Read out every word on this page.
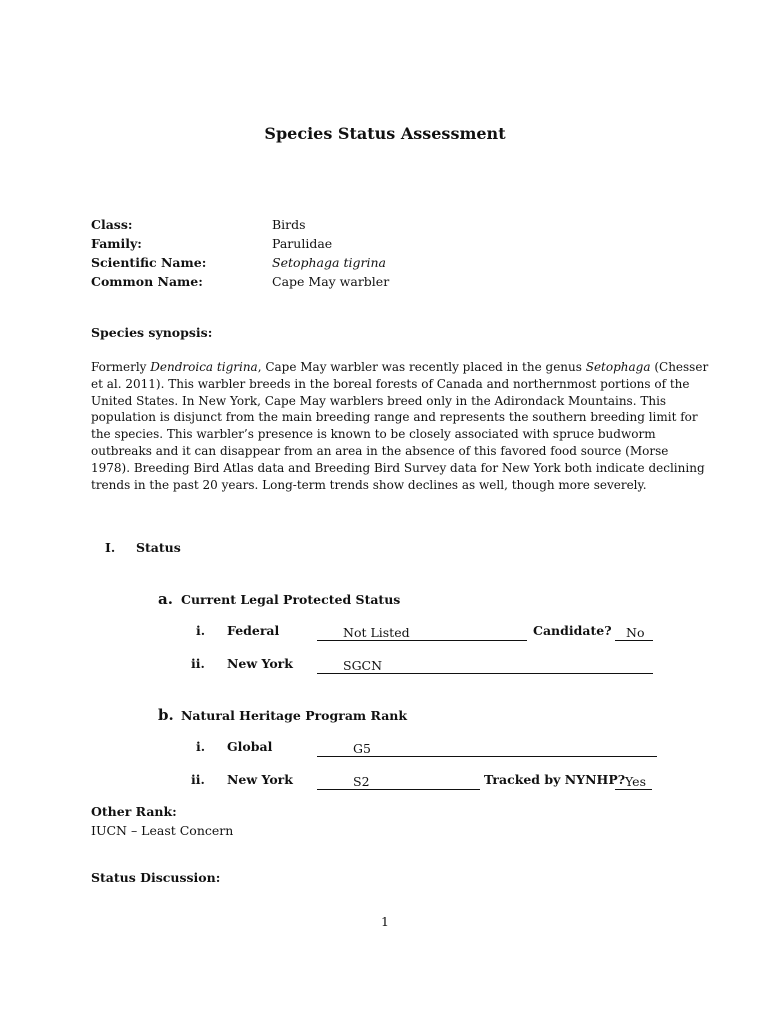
Species Status Assessment
Class:	Birds
Family:	Parulidae
Scientific Name:	Setophaga tigrina
Common Name:	Cape May warbler
Species synopsis:
Formerly Dendroica tigrina, Cape May warbler was recently placed in the genus Setophaga (Chesser
et al. 2011). This warbler breeds in the boreal forests of Canada and northernmost portions of the
United States. In New York, Cape May warblers breed only in the Adirondack Mountains. This
population is disjunct from the main breeding range and represents the southern breeding limit for
the species. This warbler’s presence is known to be closely associated with spruce budworm
outbreaks and it can disappear from an area in the absence of this favored food source (Morse
1978). Breeding Bird Atlas data and Breeding Bird Survey data for New York both indicate declining
trends in the past 20 years. Long-term trends show declines as well, though more severely.
I. Status
a. Current Legal Protected Status
i. Federal	Not Listed	Candidate?	No
ii. New York	SGCN
b. Natural Heritage Program Rank
i. Global	G5
ii. New York	S2	Tracked by NYNHP? Yes
Other Rank:
IUCN – Least Concern
Status Discussion:
1
